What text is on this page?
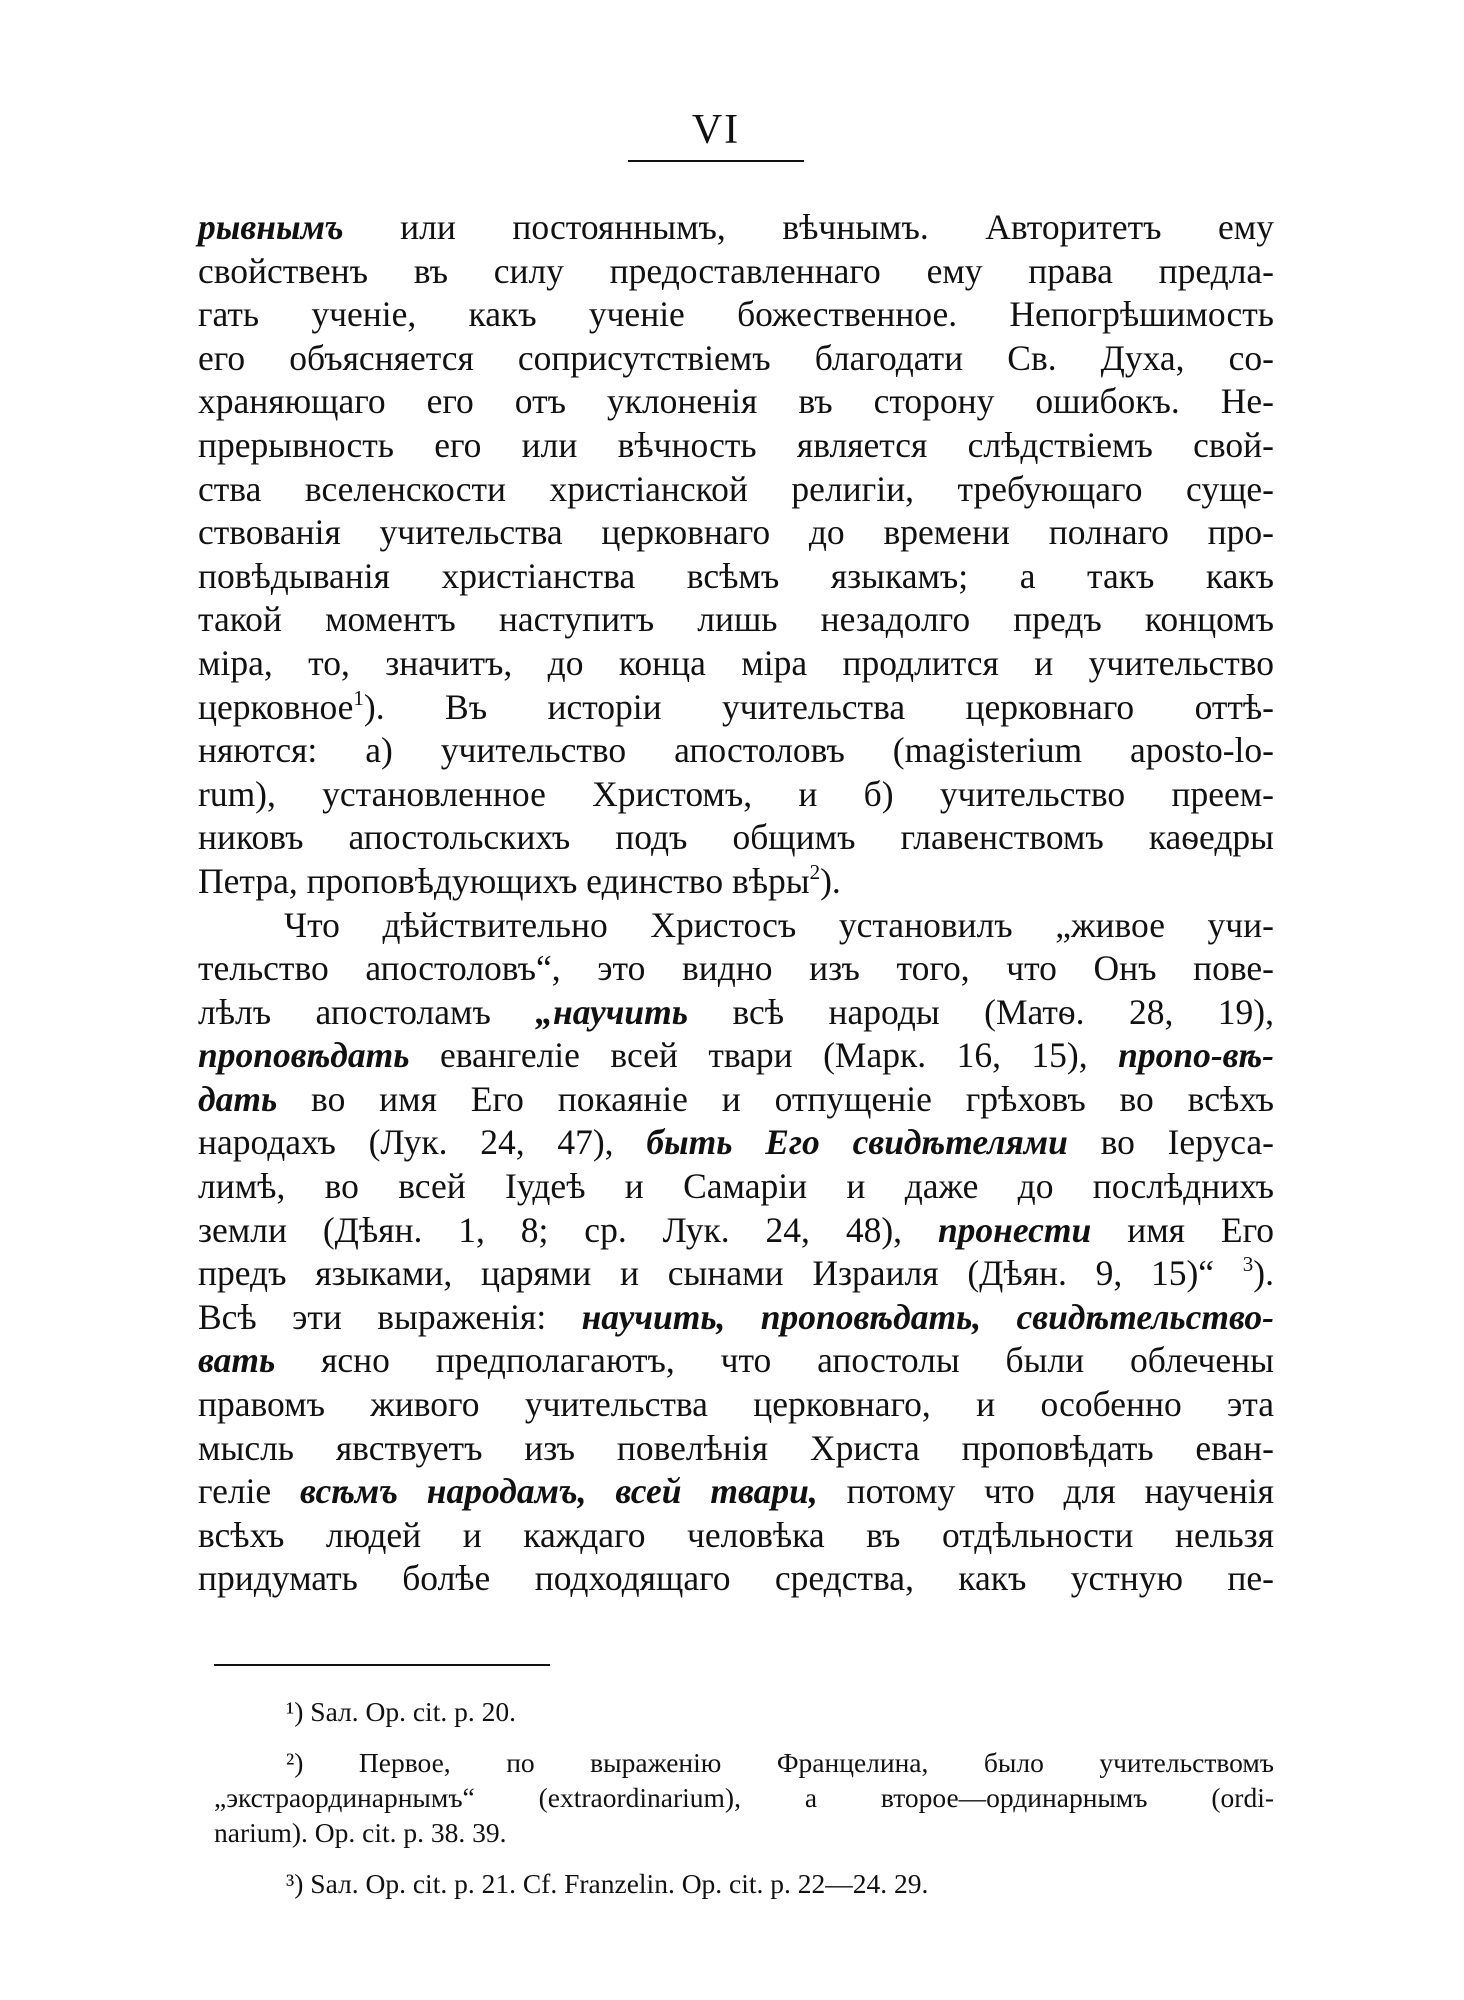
VI
рывнымъ или постояннымъ, вѣчнымъ. Авторитетъ ему
свойственъ въ силу предоставленнаго ему права предла-
гать ученіе, какъ ученіе божественное. Непогрѣшимость
его объясняется соприсутствіемъ благодати Св. Духа, со-
храняющаго его отъ уклоненія въ сторону ошибокъ. Не-
прерывность его или вѣчность является слѣдствіемъ свой-
ства вселенскости христіанской религіи, требующаго суще-
ствованія учительства церковнаго до времени полнаго про-
повѣдыванія христіанства всѣмъ языкамъ; а такъ какъ
такой моментъ наступитъ лишь незадолго предъ концомъ
міра, то, значитъ, до конца міра продлится и учительство
церковное$^1$). Въ исторіи учительства церковнаго оттѣ-
няются: а) учительство апостоловъ (magisterium aposto-lo-
rum), установленное Христомъ, и б) учительство преем-
никовъ апостольскихъ подъ общимъ главенствомъ каѳедры
Петра, проповѣдующихъ единство вѣры$^2$).
Что дѣйствительно Христосъ установилъ „живое учи-
тельство апостоловъ“, это видно изъ того, что Онъ пове-
лѣлъ апостоламъ „научить всѣ народы (Матѳ. 28, 19),
проповѣдать евангеліе всей твари (Марк. 16, 15), пропо-вѣ-
дать во имя Его покаяніе и отпущеніе грѣховъ во всѣхъ
народахъ (Лук. 24, 47), быть Его свидѣтелями во Іеруса-
лимѣ, во всей Іудеѣ и Самаріи и даже до послѣднихъ
земли (Дѣян. 1, 8; ср. Лук. 24, 48), пронести имя Его
предъ языками, царями и сынами Израиля (Дѣян. 9, 15)“ $^3$).
Всѣ эти выраженія: научить, проповѣдать, свидѣтельство-
вать ясно предполагаютъ, что апостолы были облечены
правомъ живого учительства церковнаго, и особенно эта
мысль явствуетъ изъ повелѣнія Христа проповѣдать еван-
геліе всѣмъ народамъ, всей твари, потому что для наученія
всѣхъ людей и каждаго человѣка въ отдѣльности нельзя
придумать болѣе подходящаго средства, какъ устную пе-
¹) Sал. Op. cit. p. 20.
²) Первое, по выраженію Францелина, было учительствомъ
„экстраординарнымъ“ (extraordinarium), а второе—ординарнымъ (ordi-
narium). Op. cit. p. 38. 39.
³) Sал. Op. cit. p. 21. Cf. Franzelin. Op. cit. p. 22—24. 29.
